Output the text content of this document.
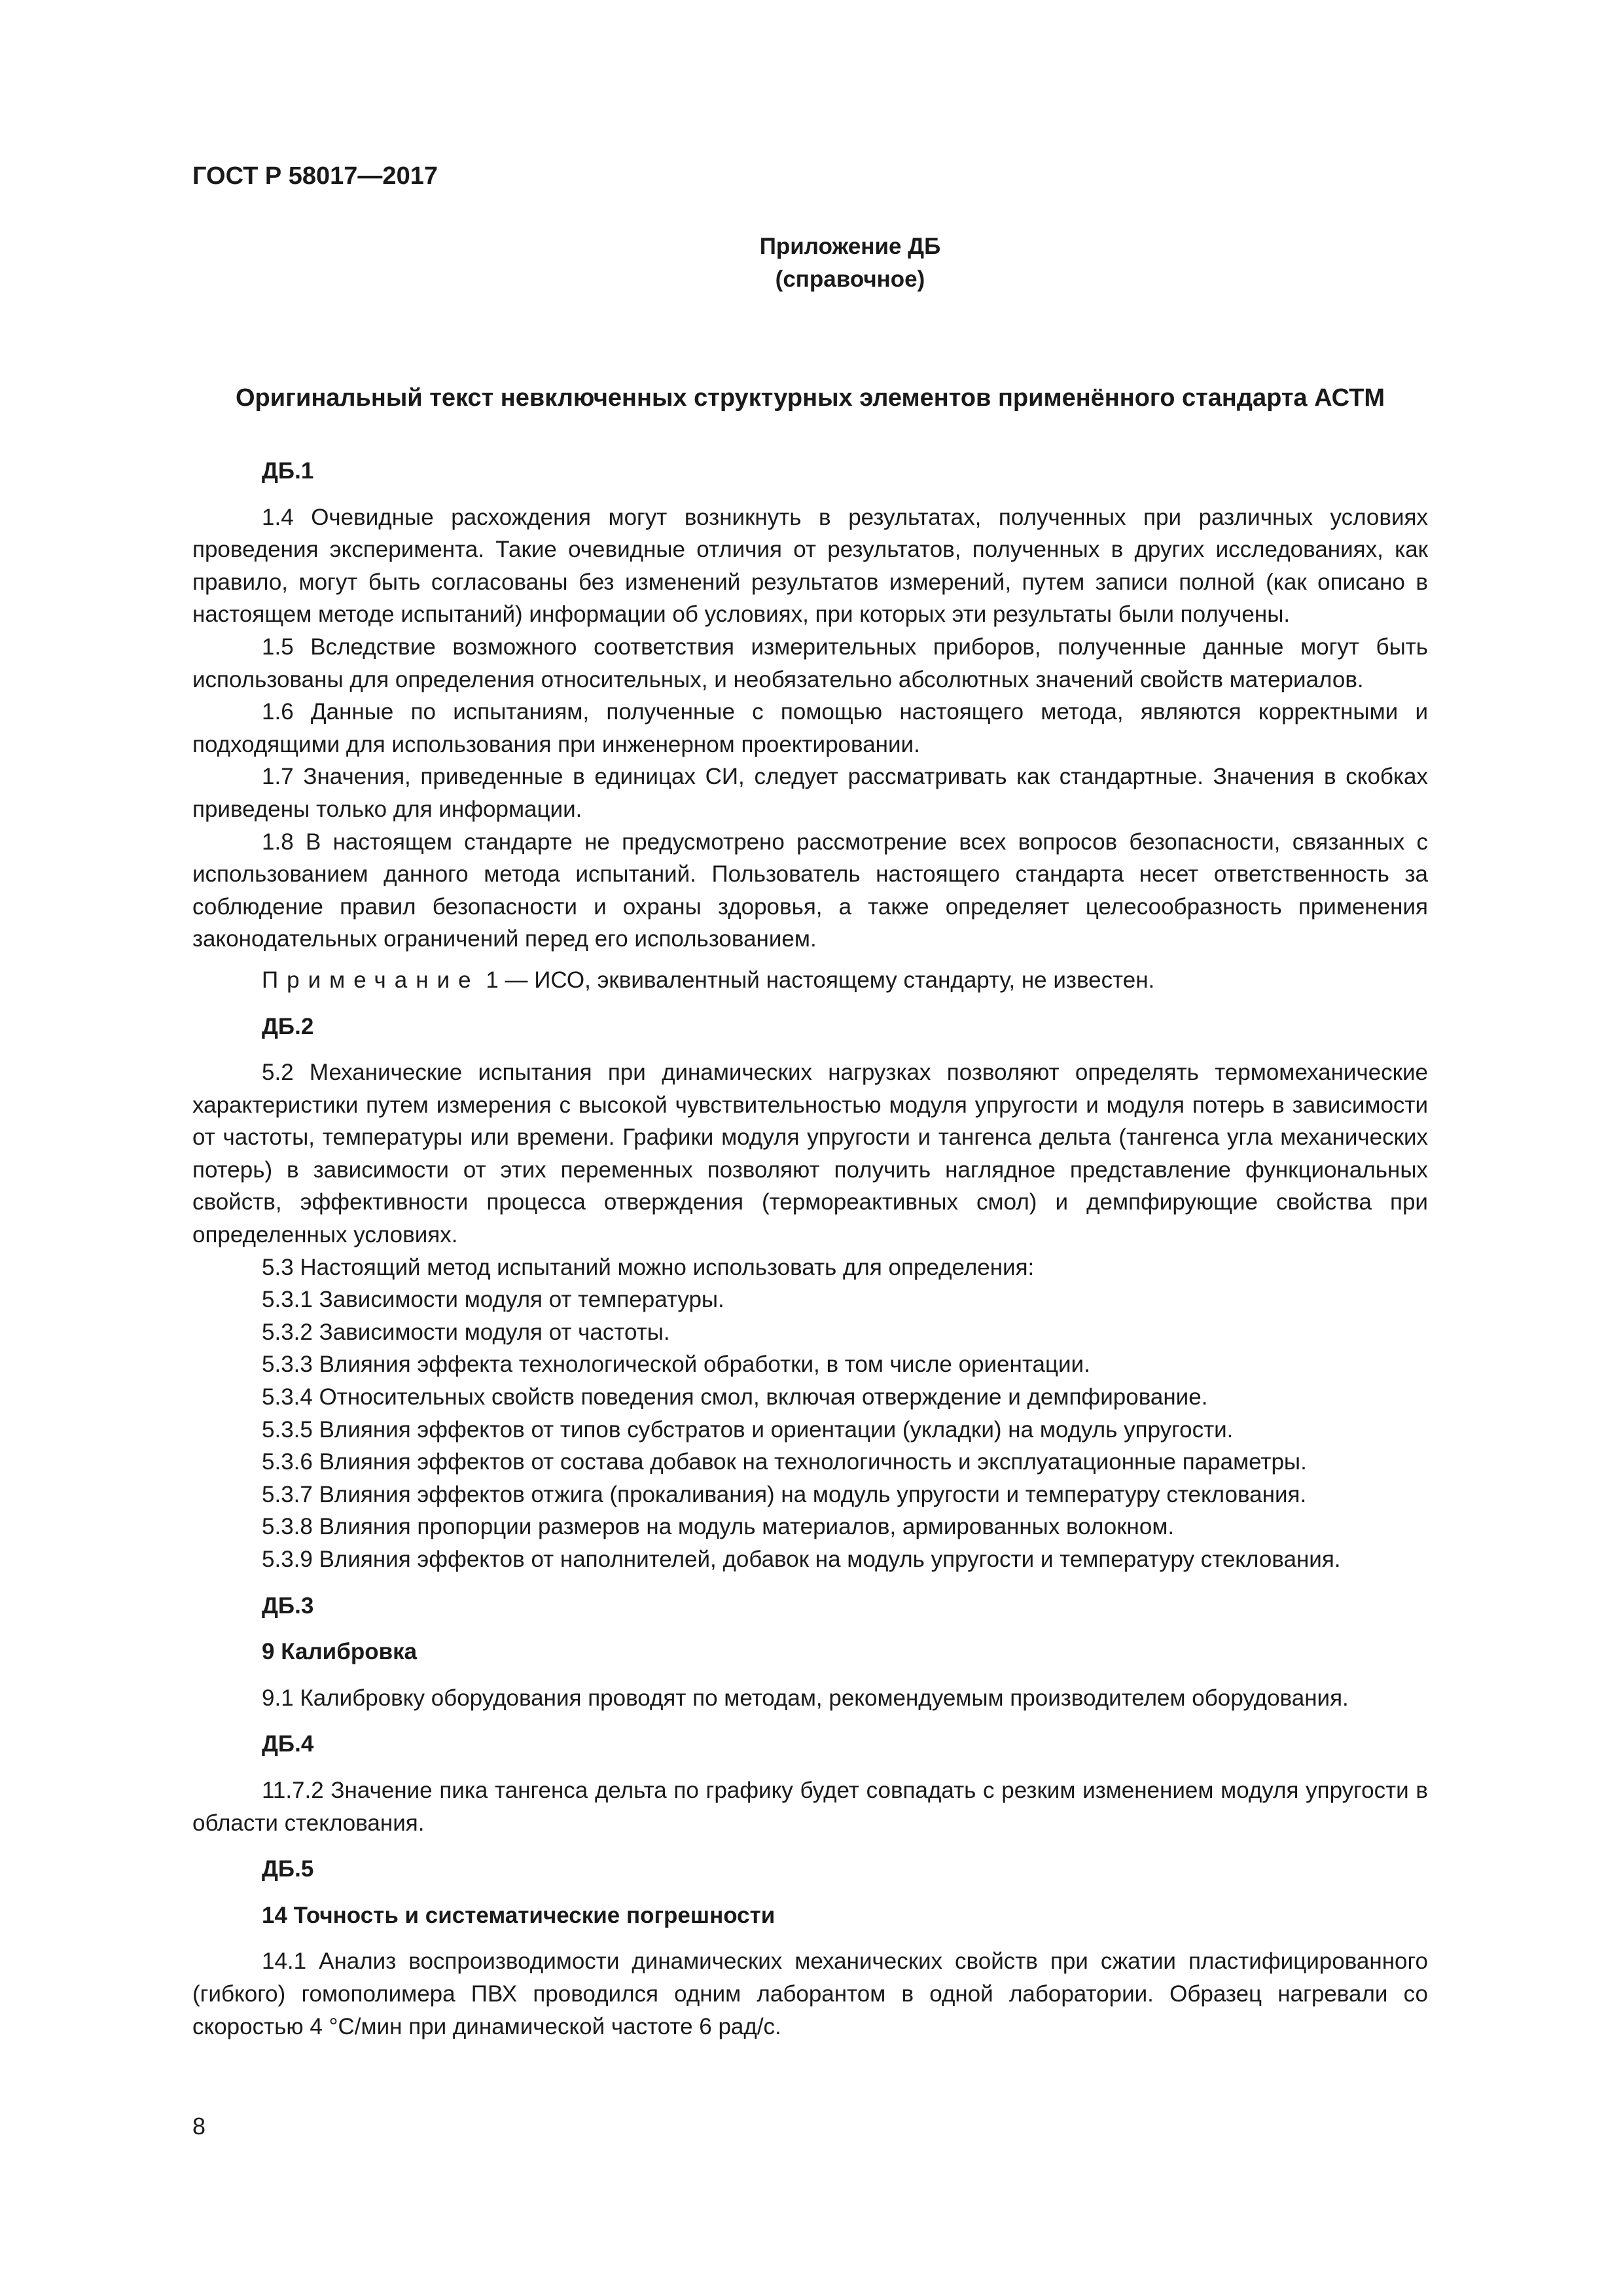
ГОСТ Р 58017—2017
Приложение ДБ
(справочное)
Оригинальный текст невключенных структурных элементов применённого стандарта АСТМ

ДБ.1

1.4 Очевидные расхождения могут возникнуть в результатах, полученных при различных условиях проведения эксперимента. Такие очевидные отличия от результатов, полученных в других исследованиях, как правило, могут быть согласованы без изменений результатов измерений, путем записи полной (как описано в настоящем методе испытаний) информации об условиях, при которых эти результаты были получены.

1.5 Вследствие возможного соответствия измерительных приборов, полученные данные могут быть использованы для определения относительных, и необязательно абсолютных значений свойств материалов.

1.6 Данные по испытаниям, полученные с помощью настоящего метода, являются корректными и подходящими для использования при инженерном проектировании.

1.7 Значения, приведенные в единицах СИ, следует рассматривать как стандартные. Значения в скобках приведены только для информации.

1.8 В настоящем стандарте не предусмотрено рассмотрение всех вопросов безопасности, связанных с использованием данного метода испытаний. Пользователь настоящего стандарта несет ответственность за соблюдение правил безопасности и охраны здоровья, а также определяет целесообразность применения законодательных ограничений перед его использованием.

Примечание 1 — ИСО, эквивалентный настоящему стандарту, не известен.

ДБ.2

5.2 Механические испытания при динамических нагрузках позволяют определять термомеханические характеристики путем измерения с высокой чувствительностью модуля упругости и модуля потерь в зависимости от частоты, температуры или времени. Графики модуля упругости и тангенса дельта (тангенса угла механических потерь) в зависимости от этих переменных позволяют получить наглядное представление функциональных свойств, эффективности процесса отверждения (термореактивных смол) и демпфирующие свойства при определенных условиях.

5.3 Настоящий метод испытаний можно использовать для определения:

5.3.1 Зависимости модуля от температуры.

5.3.2 Зависимости модуля от частоты.

5.3.3 Влияния эффекта технологической обработки, в том числе ориентации.

5.3.4 Относительных свойств поведения смол, включая отверждение и демпфирование.

5.3.5 Влияния эффектов от типов субстратов и ориентации (укладки) на модуль упругости.

5.3.6 Влияния эффектов от состава добавок на технологичность и эксплуатационные параметры.

5.3.7 Влияния эффектов отжига (прокаливания) на модуль упругости и температуру стеклования.

5.3.8 Влияния пропорции размеров на модуль материалов, армированных волокном.

5.3.9 Влияния эффектов от наполнителей, добавок на модуль упругости и температуру стеклования.

ДБ.3

9 Калибровка

9.1 Калибровку оборудования проводят по методам, рекомендуемым производителем оборудования.

ДБ.4

11.7.2 Значение пика тангенса дельта по графику будет совпадать с резким изменением модуля упругости в области стеклования.

ДБ.5

14 Точность и систематические погрешности

14.1 Анализ воспроизводимости динамических механических свойств при сжатии пластифицированного (гибкого) гомополимера ПВХ проводился одним лаборантом в одной лаборатории. Образец нагревали со скоростью 4 °С/мин при динамической частоте 6 рад/с.

8
